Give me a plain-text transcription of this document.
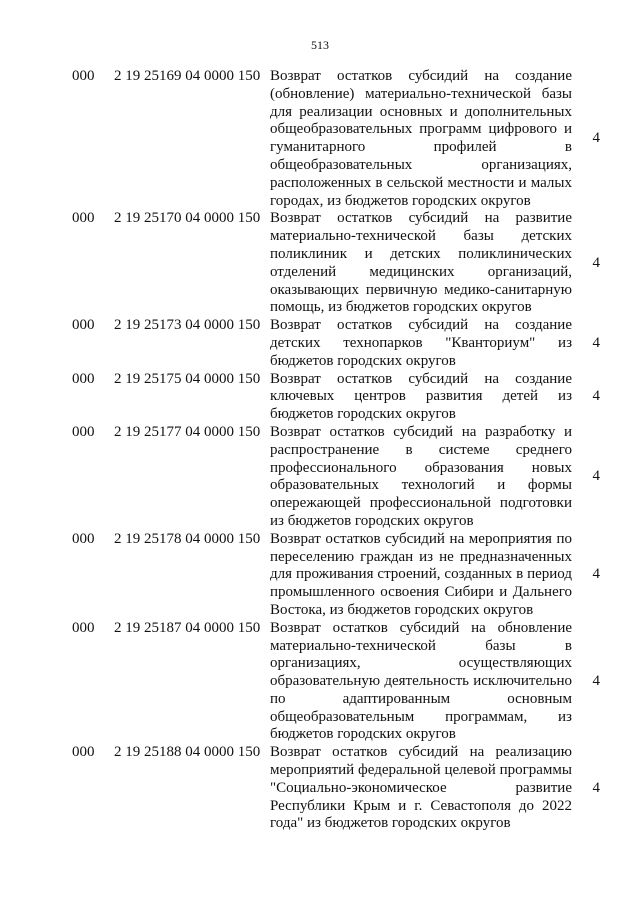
513
000	2 19 25169 04 0000 150 Возврат остатков субсидий на создание (обновление) материально-технической базы для реализации основных и дополнительных общеобразовательных программ цифрового и гуманитарного профилей в общеобразовательных организациях, расположенных в сельской местности и малых городах, из бюджетов городских округов
4
000	2 19 25170 04 0000 150 Возврат остатков субсидий на развитие материально-технической базы детских поликлиник и детских поликлинических отделений медицинских организаций, оказывающих первичную медико-санитарную помощь, из бюджетов городских округов
4
000	2 19 25173 04 0000 150 Возврат остатков субсидий на создание детских технопарков "Кванториум" из бюджетов городских округов
4
000	2 19 25175 04 0000 150 Возврат остатков субсидий на создание ключевых центров развития детей из бюджетов городских округов
4
000	2 19 25177 04 0000 150 Возврат остатков субсидий на разработку и распространение в системе среднего профессионального образования новых образовательных технологий и формы опережающей профессиональной подготовки из бюджетов городских округов
4
000	2 19 25178 04 0000 150 Возврат остатков субсидий на мероприятия по переселению граждан из не предназначенных для проживания строений, созданных в период промышленного освоения Сибири и Дальнего Востока, из бюджетов городских округов
4
000	2 19 25187 04 0000 150 Возврат остатков субсидий на обновление материально-технической базы в организациях, осуществляющих образовательную деятельность исключительно по адаптированным основным общеобразовательным программам, из бюджетов городских округов
4
000	2 19 25188 04 0000 150 Возврат остатков субсидий на реализацию мероприятий федеральной целевой программы "Социально-экономическое развитие Республики Крым и г. Севастополя до 2022 года" из бюджетов городских округов
4
